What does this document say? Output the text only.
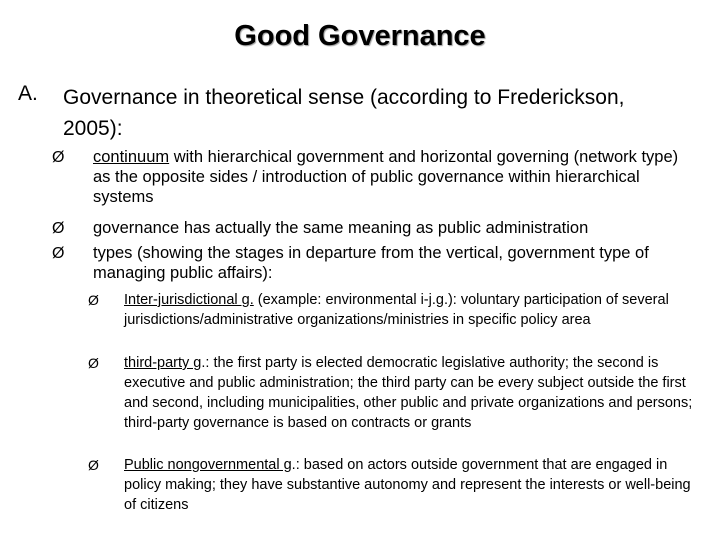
Good Governance
A. Governance in theoretical sense (according to Frederickson, 2005):
Ø continuum with hierarchical government and horizontal governing (network type) as the opposite sides / introduction of public governance within hierarchical systems
Ø governance has actually the same meaning as public administration
Ø types (showing the stages in departure from the vertical, government type of managing public affairs):
Ø Inter-jurisdictional g. (example: environmental i-j.g.): voluntary participation of several jurisdictions/administrative organizations/ministries in specific policy area
Ø third-party g.: the first party is elected democratic legislative authority; the second is executive and public administration; the third party can be every subject outside the first and second, including municipalities, other public and private organizations and persons; third-party governance is based on contracts or grants
Ø Public nongovernmental g.: based on actors outside government that are engaged in policy making; they have substantive autonomy and represent the interests or well-being of citizens
